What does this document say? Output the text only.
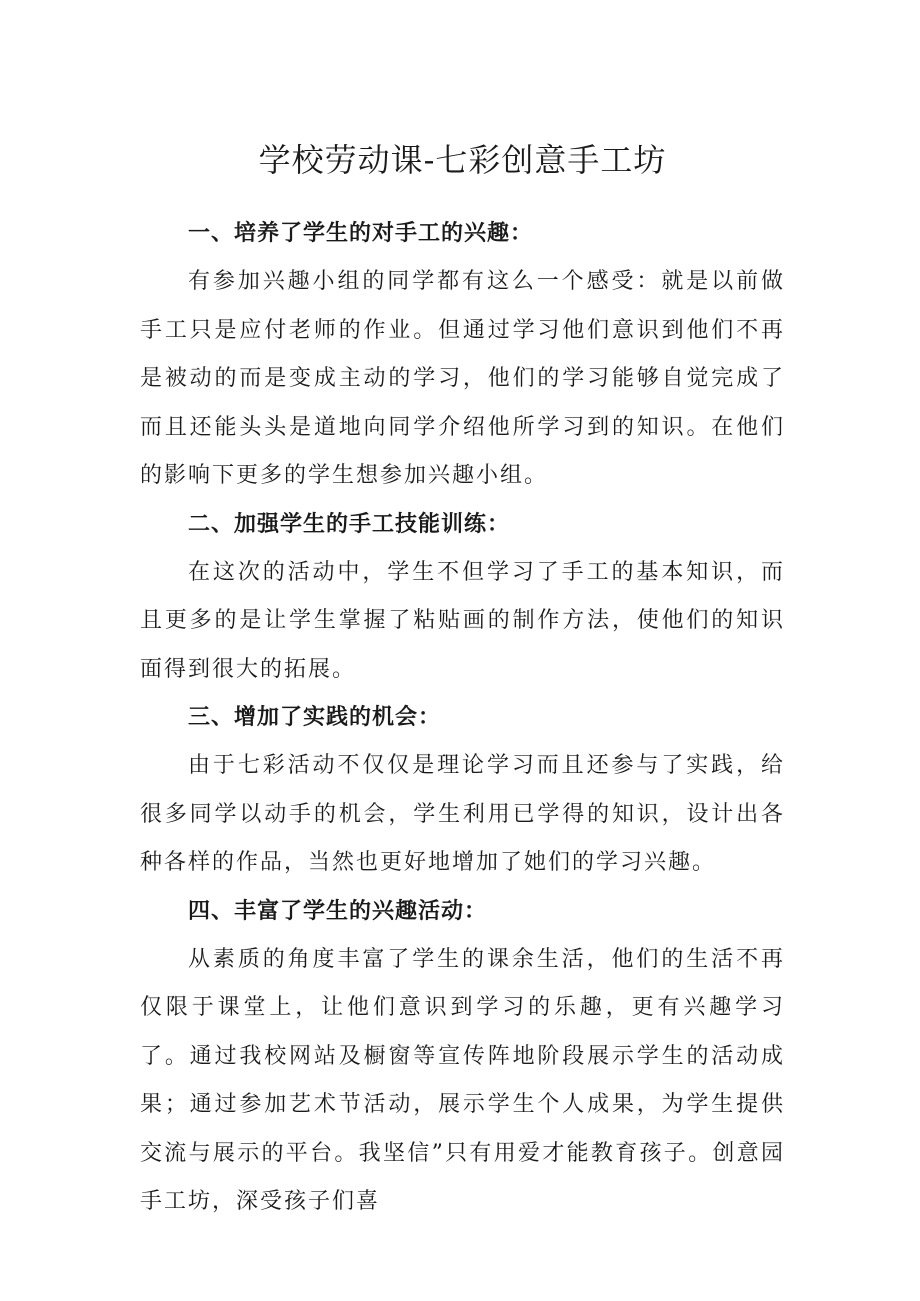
学校劳动课-七彩创意手工坊
一、培养了学生的对手工的兴趣：

有参加兴趣小组的同学都有这么一个感受：就是以前做手工只是应付老师的作业。但通过学习他们意识到他们不再是被动的而是变成主动的学习，他们的学习能够自觉完成了而且还能头头是道地向同学介绍他所学习到的知识。在他们的影响下更多的学生想参加兴趣小组。

二、加强学生的手工技能训练：

在这次的活动中，学生不但学习了手工的基本知识，而且更多的是让学生掌握了粘贴画的制作方法，使他们的知识面得到很大的拓展。

三、增加了实践的机会：

由于七彩活动不仅仅是理论学习而且还参与了实践，给很多同学以动手的机会，学生利用已学得的知识，设计出各种各样的作品，当然也更好地增加了她们的学习兴趣。

四、丰富了学生的兴趣活动：

从素质的角度丰富了学生的课余生活，他们的生活不再仅限于课堂上，让他们意识到学习的乐趣，更有兴趣学习了。通过我校网站及橱窗等宣传阵地阶段展示学生的活动成果；通过参加艺术节活动，展示学生个人成果，为学生提供交流与展示的平台。我坚信”只有用爱才能教育孩子。创意园手工坊，深受孩子们喜
